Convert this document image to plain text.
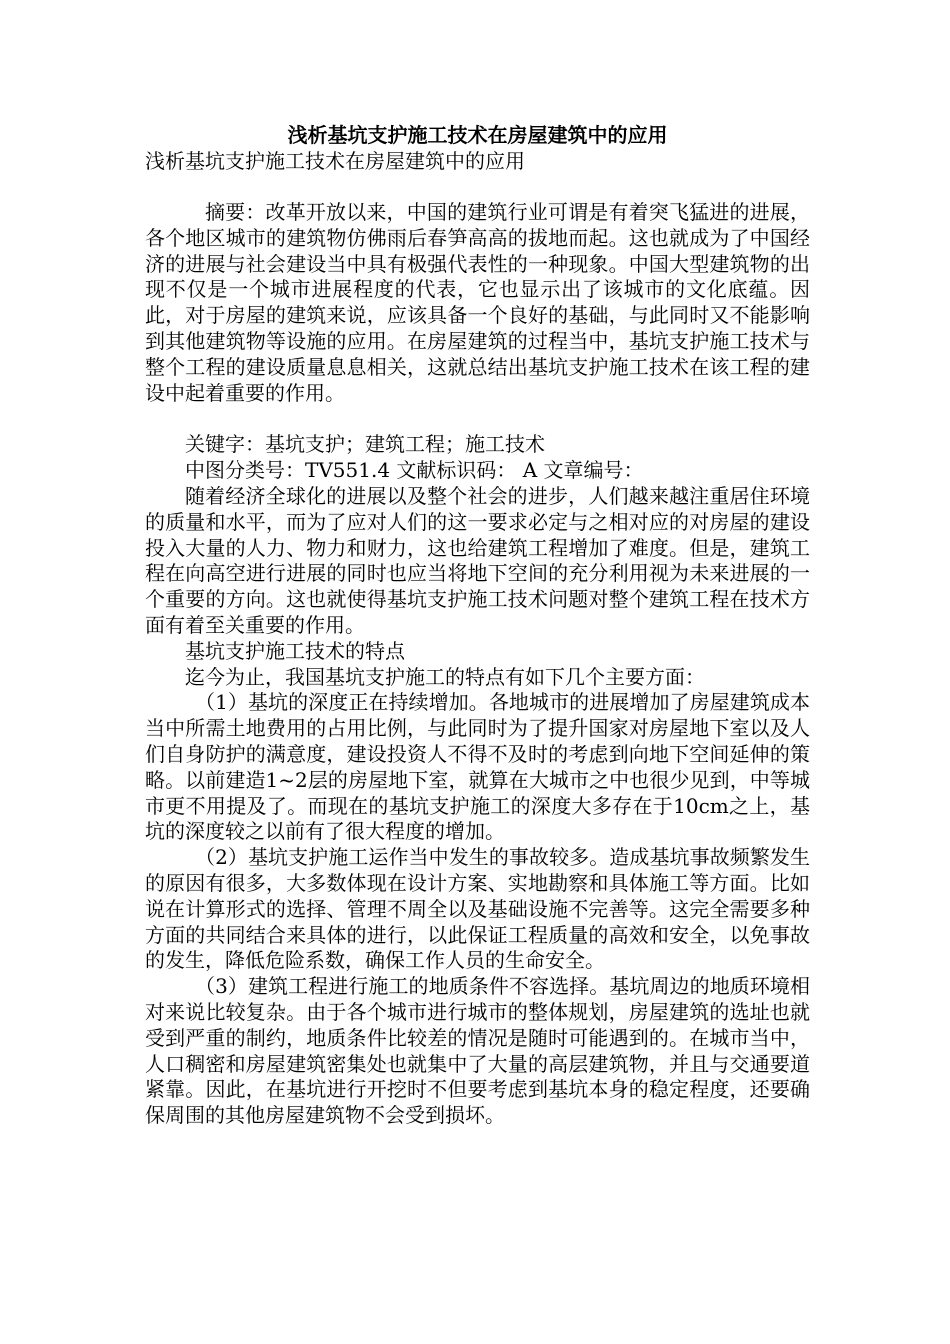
浅析基坑支护施工技术在房屋建筑中的应用

浅析基坑支护施工技术在房屋建筑中的应用

摘要：改革开放以来，中国的建筑行业可谓是有着突飞猛进的进展，各个地区城市的建筑物仿佛雨后春笋高高的拔地而起。这也就成为了中国经济的进展与社会建设当中具有极强代表性的一种现象。中国大型建筑物的出现不仅是一个城市进展程度的代表，它也显示出了该城市的文化底蕴。因此，对于房屋的建筑来说，应该具备一个良好的基础，与此同时又不能影响到其他建筑物等设施的应用。在房屋建筑的过程当中，基坑支护施工技术与整个工程的建设质量息息相关，这就总结出基坑支护施工技术在该工程的建设中起着重要的作用。

关键字：基坑支护；建筑工程；施工技术

中图分类号：TV551.4 文献标识码： A 文章编号：

随着经济全球化的进展以及整个社会的进步，人们越来越注重居住环境的质量和水平，而为了应对人们的这一要求必定与之相对应的对房屋的建设投入大量的人力、物力和财力，这也给建筑工程增加了难度。但是，建筑工程在向高空进行进展的同时也应当将地下空间的充分利用视为未来进展的一个重要的方向。这也就使得基坑支护施工技术问题对整个建筑工程在技术方面有着至关重要的作用。

基坑支护施工技术的特点

迄今为止，我国基坑支护施工的特点有如下几个主要方面：

（1）基坑的深度正在持续增加。各地城市的进展增加了房屋建筑成本当中所需土地费用的占用比例，与此同时为了提升国家对房屋地下室以及人们自身防护的满意度，建设投资人不得不及时的考虑到向地下空间延伸的策略。以前建造1~2层的房屋地下室，就算在大城市之中也很少见到，中等城市更不用提及了。而现在的基坑支护施工的深度大多存在于10cm之上，基坑的深度较之以前有了很大程度的增加。

（2）基坑支护施工运作当中发生的事故较多。造成基坑事故频繁发生的原因有很多，大多数体现在设计方案、实地勘察和具体施工等方面。比如说在计算形式的选择、管理不周全以及基础设施不完善等。这完全需要多种方面的共同结合来具体的进行，以此保证工程质量的高效和安全，以免事故的发生，降低危险系数，确保工作人员的生命安全。

（3）建筑工程进行施工的地质条件不容选择。基坑周边的地质环境相对来说比较复杂。由于各个城市进行城市的整体规划，房屋建筑的选址也就受到严重的制约，地质条件比较差的情况是随时可能遇到的。在城市当中，人口稠密和房屋建筑密集处也就集中了大量的高层建筑物，并且与交通要道紧靠。因此，在基坑进行开挖时不但要考虑到基坑本身的稳定程度，还要确保周围的其他房屋建筑物不会受到损坏。
